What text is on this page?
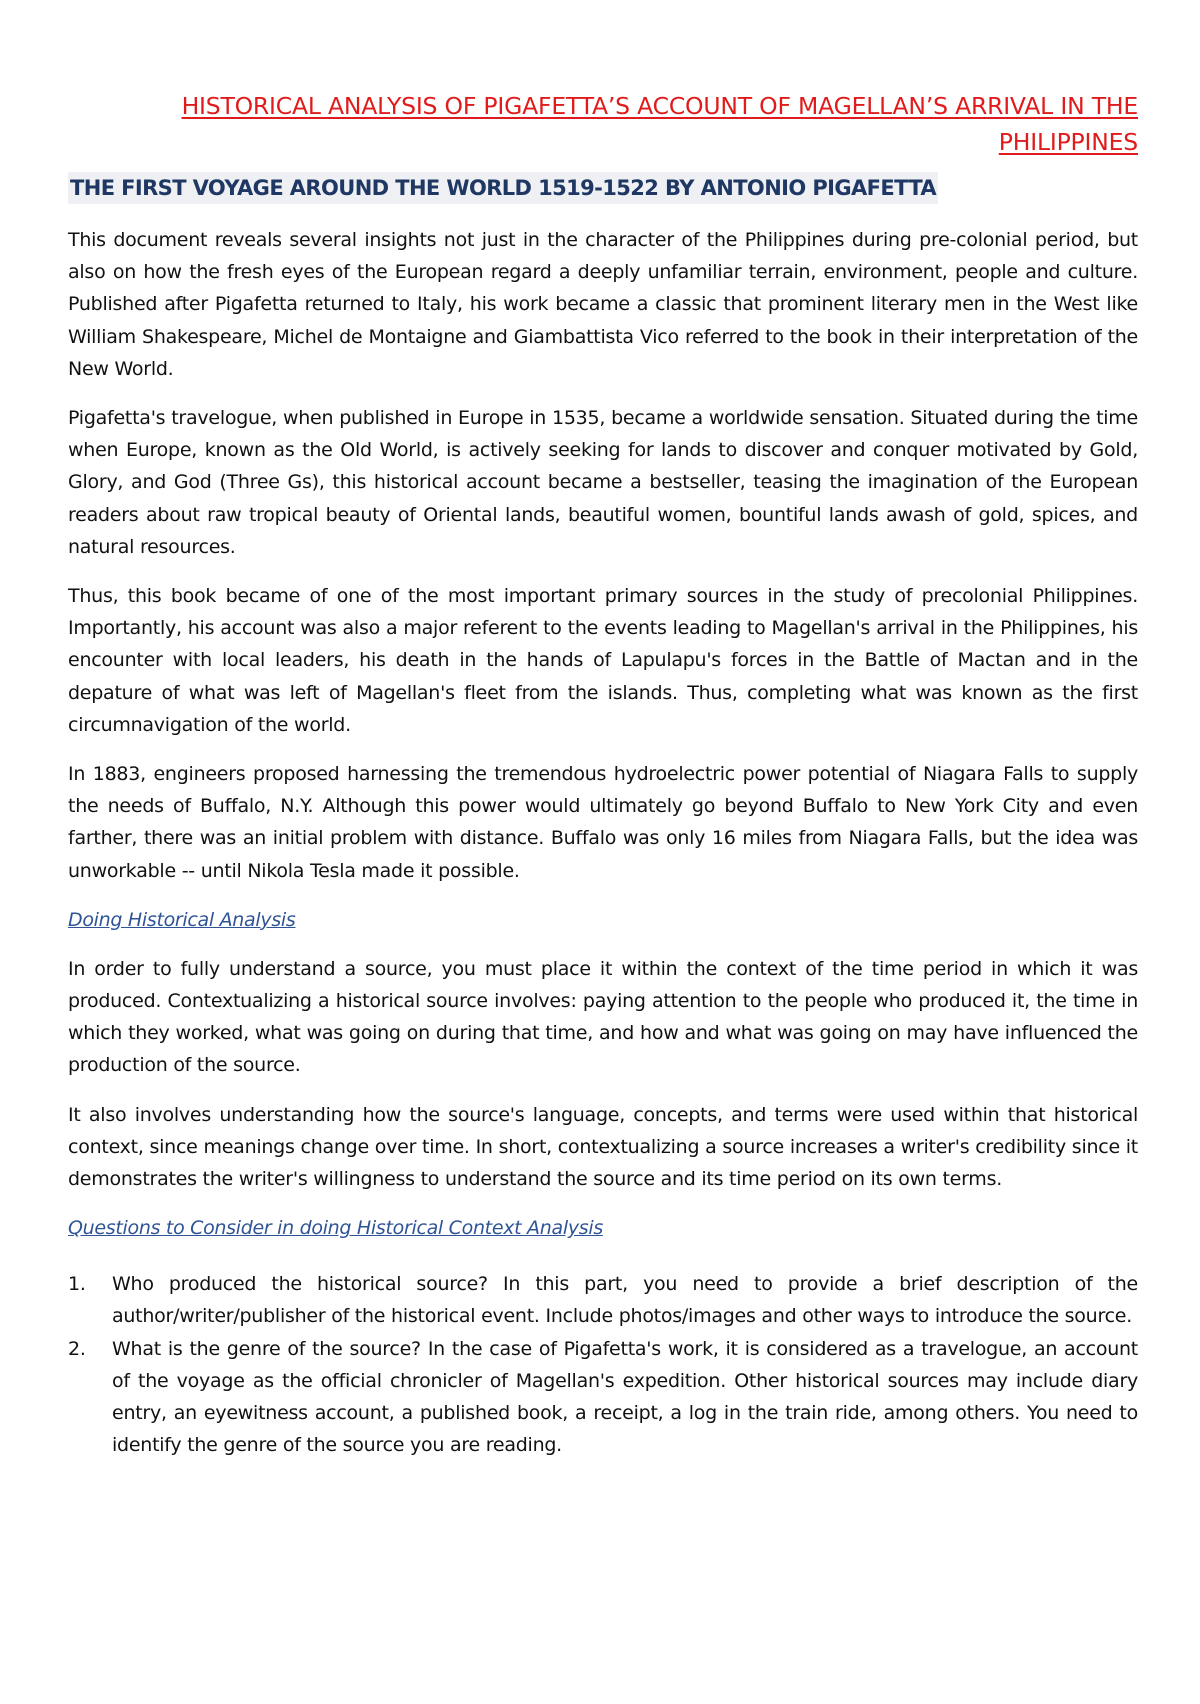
HISTORICAL ANALYSIS OF PIGAFETTA’S ACCOUNT OF MAGELLAN’S ARRIVAL IN THE PHILIPPINES
THE FIRST VOYAGE AROUND THE WORLD 1519-1522 BY ANTONIO PIGAFETTA

This document reveals several insights not just in the character of the Philippines during pre-colonial period, but also on how the fresh eyes of the European regard a deeply unfamiliar terrain, environment, people and culture. Published after Pigafetta returned to Italy, his work became a classic that prominent literary men in the West like William Shakespeare, Michel de Montaigne and Giambattista Vico referred to the book in their interpretation of the New World.

Pigafetta's travelogue, when published in Europe in 1535, became a worldwide sensation. Situated during the time when Europe, known as the Old World, is actively seeking for lands to discover and conquer motivated by Gold, Glory, and God (Three Gs), this historical account became a bestseller, teasing the imagination of the European readers about raw tropical beauty of Oriental lands, beautiful women, bountiful lands awash of gold, spices, and natural resources.

Thus, this book became of one of the most important primary sources in the study of precolonial Philippines. Importantly, his account was also a major referent to the events leading to Magellan's arrival in the Philippines, his encounter with local leaders, his death in the hands of Lapulapu's forces in the Battle of Mactan and in the depature of what was left of Magellan's fleet from the islands. Thus, completing what was known as the first circumnavigation of the world.

In 1883, engineers proposed harnessing the tremendous hydroelectric power potential of Niagara Falls to supply the needs of Buffalo, N.Y. Although this power would ultimately go beyond Buffalo to New York City and even farther, there was an initial problem with distance. Buffalo was only 16 miles from Niagara Falls, but the idea was unworkable -- until Nikola Tesla made it possible.

Doing Historical Analysis

In order to fully understand a source, you must place it within the context of the time period in which it was produced. Contextualizing a historical source involves: paying attention to the people who produced it, the time in which they worked, what was going on during that time, and how and what was going on may have influenced the production of the source.

It also involves understanding how the source's language, concepts, and terms were used within that historical context, since meanings change over time. In short, contextualizing a source increases a writer's credibility since it demonstrates the writer's willingness to understand the source and its time period on its own terms.

Questions to Consider in doing Historical Context Analysis
1.	Who produced the historical source? In this part, you need to provide a brief description of the author/writer/publisher of the historical event. Include photos/images and other ways to introduce the source.
2.	What is the genre of the source? In the case of Pigafetta's work, it is considered as a travelogue, an account of the voyage as the official chronicler of Magellan's expedition. Other historical sources may include diary entry, an eyewitness account, a published book, a receipt, a log in the train ride, among others. You need to identify the genre of the source you are reading.
